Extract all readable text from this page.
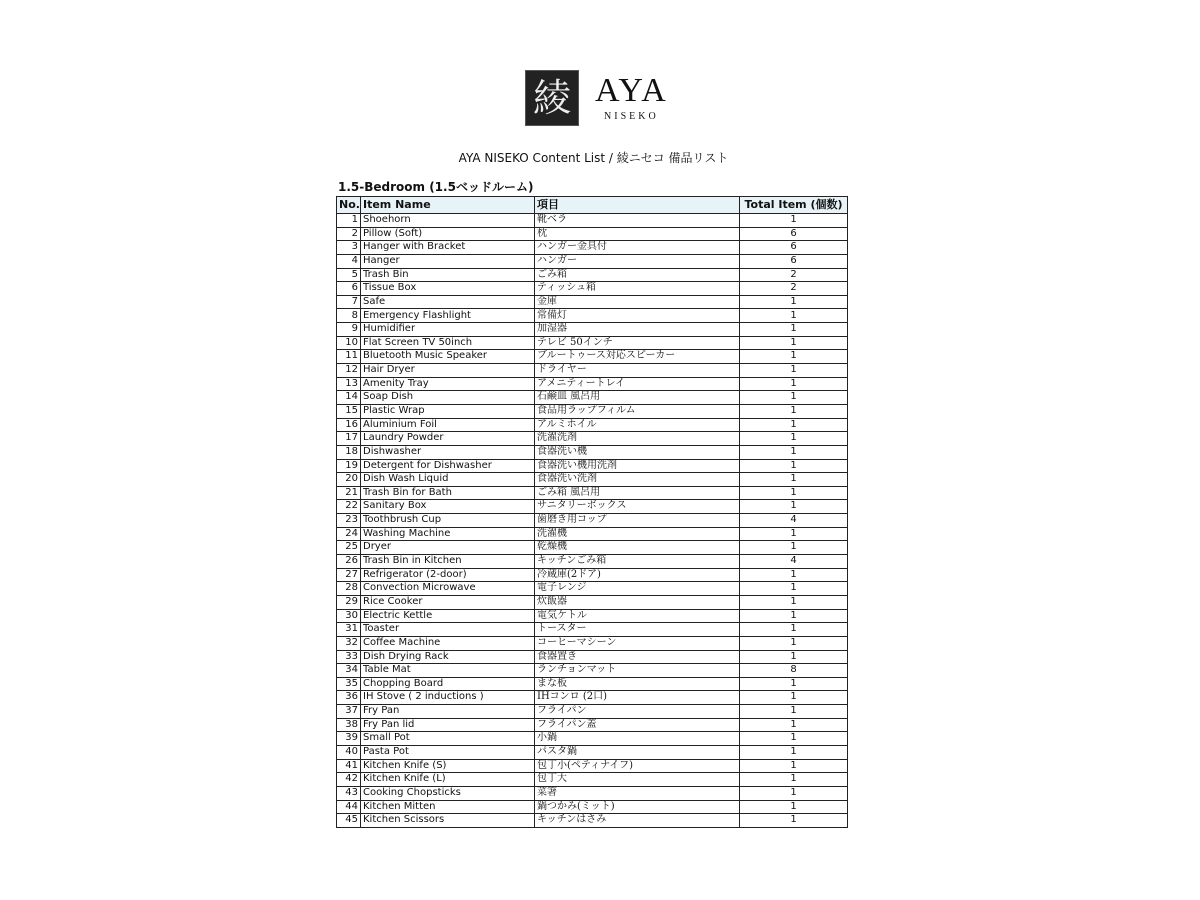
綾 AYA
NISEKO
AYA NISEKO Content List / 綾ニセコ 備品リスト
1.5-Bedroom (1.5ベッドルーム)
No.	Item Name	項目	Total Item (個数)
1	Shoehorn	靴ベラ	1
2	Pillow (Soft)	枕	6
3	Hanger with Bracket	ハンガー金具付	6
4	Hanger	ハンガー	6
5	Trash Bin	ごみ箱	2
6	Tissue Box	ティッシュ箱	2
7	Safe	金庫	1
8	Emergency Flashlight	常備灯	1
9	Humidifier	加湿器	1
10	Flat Screen TV 50inch	テレビ 50インチ	1
11	Bluetooth Music Speaker	ブルートゥース対応スピーカー	1
12	Hair Dryer	ドライヤー	1
13	Amenity Tray	アメニティートレイ	1
14	Soap Dish	石鹸皿 風呂用	1
15	Plastic Wrap	食品用ラップフィルム	1
16	Aluminium Foil	アルミホイル	1
17	Laundry Powder	洗濯洗剤	1
18	Dishwasher	食器洗い機	1
19	Detergent for Dishwasher	食器洗い機用洗剤	1
20	Dish Wash Liquid	食器洗い洗剤	1
21	Trash Bin for Bath	ごみ箱 風呂用	1
22	Sanitary Box	サニタリーボックス	1
23	Toothbrush Cup	歯磨き用コップ	4
24	Washing Machine	洗濯機	1
25	Dryer	乾燥機	1
26	Trash Bin in Kitchen	キッチンごみ箱	4
27	Refrigerator (2-door)	冷蔵庫(2ドア)	1
28	Convection Microwave	電子レンジ	1
29	Rice Cooker	炊飯器	1
30	Electric Kettle	電気ケトル	1
31	Toaster	トースター	1
32	Coffee Machine	コーヒーマシーン	1
33	Dish Drying Rack	食器置き	1
34	Table Mat	ランチョンマット	8
35	Chopping Board	まな板	1
36	IH Stove ( 2 inductions )	IHコンロ (2口)	1
37	Fry Pan	フライパン	1
38	Fry Pan lid	フライパン蓋	1
39	Small Pot	小鍋	1
40	Pasta Pot	パスタ鍋	1
41	Kitchen Knife (S)	包丁小(ペティナイフ)	1
42	Kitchen Knife (L)	包丁大	1
43	Cooking Chopsticks	菜箸	1
44	Kitchen Mitten	鍋つかみ(ミット)	1
45	Kitchen Scissors	キッチンはさみ	1
